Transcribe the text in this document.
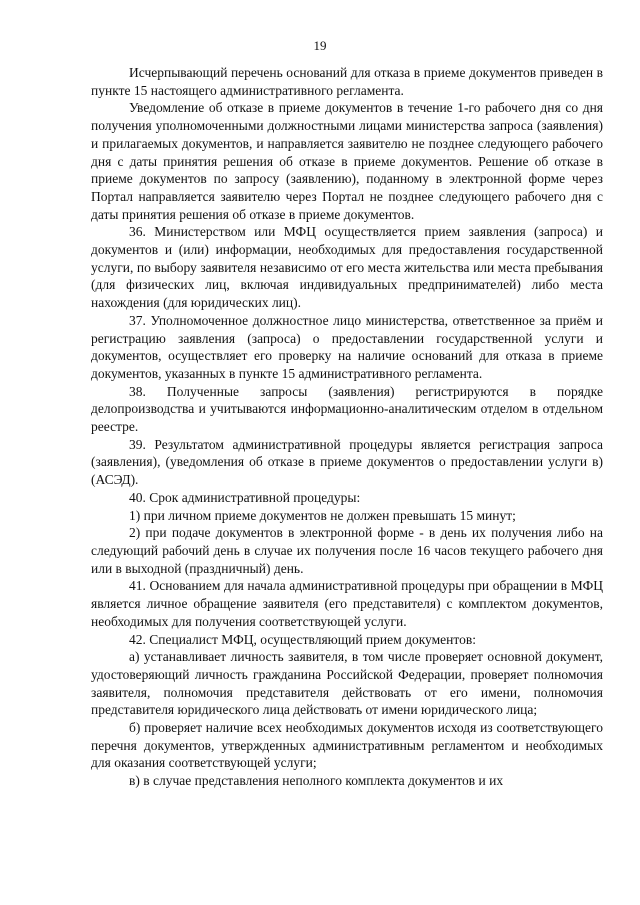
19

Исчерпывающий перечень оснований для отказа в приеме документов приведен в пункте 15 настоящего административного регламента.

Уведомление об отказе в приеме документов в течение 1-го рабочего дня со дня получения уполномоченными должностными лицами министерства запроса (заявления) и прилагаемых документов, и направляется заявителю не позднее следующего рабочего дня с даты принятия решения об отказе в приеме документов. Решение об отказе в приеме документов по запросу (заявлению), поданному в электронной форме через Портал направляется заявителю через Портал не позднее следующего рабочего дня с даты принятия решения об отказе в приеме документов.

36. Министерством или МФЦ осуществляется прием заявления (запроса) и документов и (или) информации, необходимых для предоставления государственной услуги, по выбору заявителя независимо от его места жительства или места пребывания (для физических лиц, включая индивидуальных предпринимателей) либо места нахождения (для юридических лиц).

37. Уполномоченное должностное лицо министерства, ответственное за приём и регистрацию заявления (запроса) о предоставлении государственной услуги и документов, осуществляет его проверку на наличие оснований для отказа в приеме документов, указанных в пункте 15 административного регламента.

38. Полученные запросы (заявления) регистрируются в порядке делопроизводства и учитываются информационно-аналитическим отделом в отдельном реестре.

39. Результатом административной процедуры является регистрация запроса (заявления), (уведомления об отказе в приеме документов о предоставлении услуги в) (АСЭД).

40. Срок административной процедуры:

1) при личном приеме документов не должен превышать 15 минут;

2) при подаче документов в электронной форме - в день их получения либо на следующий рабочий день в случае их получения после 16 часов текущего рабочего дня или в выходной (праздничный) день.

41. Основанием для начала административной процедуры при обращении в МФЦ является личное обращение заявителя (его представителя) с комплектом документов, необходимых для получения соответствующей услуги.

42. Специалист МФЦ, осуществляющий прием документов:

а) устанавливает личность заявителя, в том числе проверяет основной документ, удостоверяющий личность гражданина Российской Федерации, проверяет полномочия заявителя, полномочия представителя действовать от его имени, полномочия представителя юридического лица действовать от имени юридического лица;

б) проверяет наличие всех необходимых документов исходя из соответствующего перечня документов, утвержденных административным регламентом и необходимых для оказания соответствующей услуги;

в) в случае представления неполного комплекта документов и их
